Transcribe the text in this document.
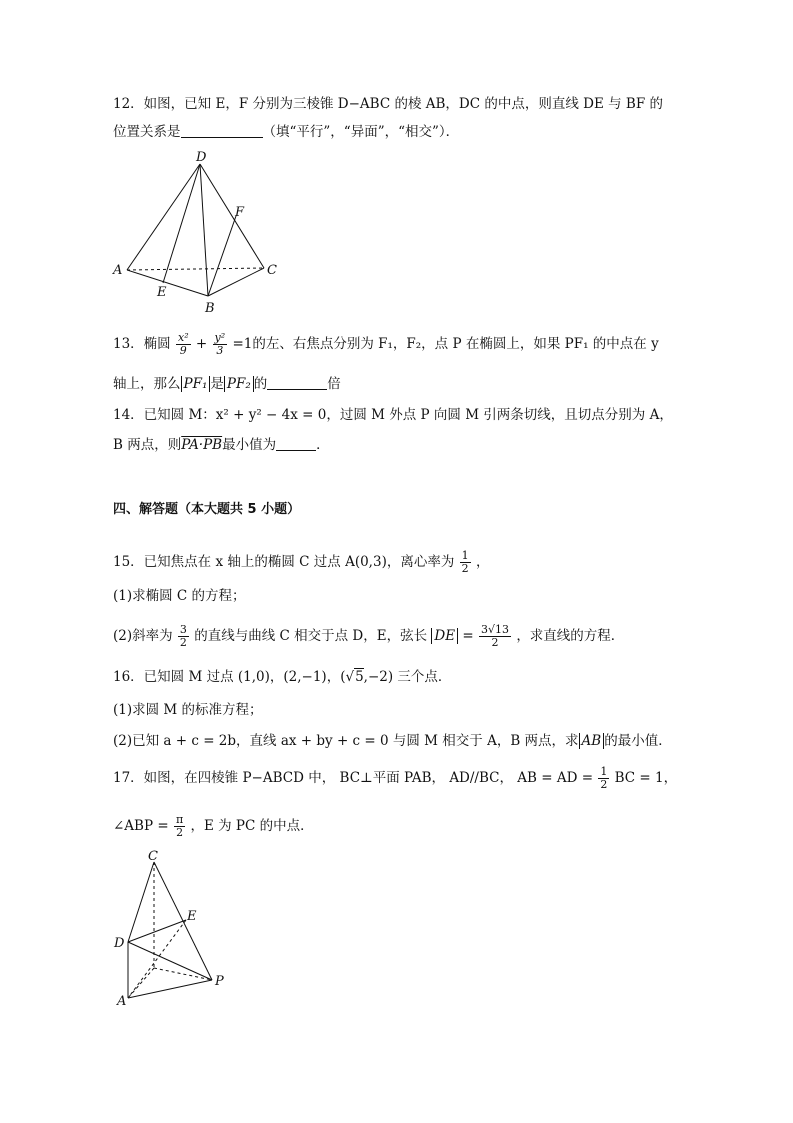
12．如图，已知 E，F 分别为三棱锥 D−ABC 的棱 AB，DC 的中点，则直线 DE 与 BF 的
位置关系是	（填“平行”，“异面”，“相交”）．
D
F
A	C
E
B
13．椭圆 $\frac{\text{x²}}{9} + \frac{\text{y²}}{3} =1$的左、右焦点分别为 F₁，F₂，点 P 在椭圆上，如果 PF₁ 的中点在 y
轴上，那么 PF₁ 是 PF₂ 的	倍
14．已知圆 M：x² + y² − 4x = 0，过圆 M 外点 P 向圆 M 引两条切线，且切点分别为 A，
B 两点，则PA·PB最小值为	．
四、解答题（本大题共 5 小题）
15．已知焦点在 x 轴上的椭圆 C 过点 A(0,3)，离心率为 $\frac{1}{2}$ ，
(1)求椭圆 C 的方程；
(2)斜率为 $\frac{3}{2}$ 的直线与曲线 C 相交于点 D，E，弦长 DE = $\frac{3√13}{2}$ ，求直线的方程．
16．已知圆 M 过点 (1,0)，(2,−1)，(√5,−2) 三个点．
(1)求圆 M 的标准方程；
(2)已知 a + c = 2b，直线 ax + by + c = 0 与圆 M 相交于 A，B 两点，求 AB 的最小值．
17．如图，在四棱锥 P−ABCD 中， BC⊥平面 PAB， AD//BC， AB = AD = $\frac{1}{2}$ BC = 1，
∠ABP = $\frac{\pi}{2}$ ，E 为 PC 的中点．
C
E
D
P
A
